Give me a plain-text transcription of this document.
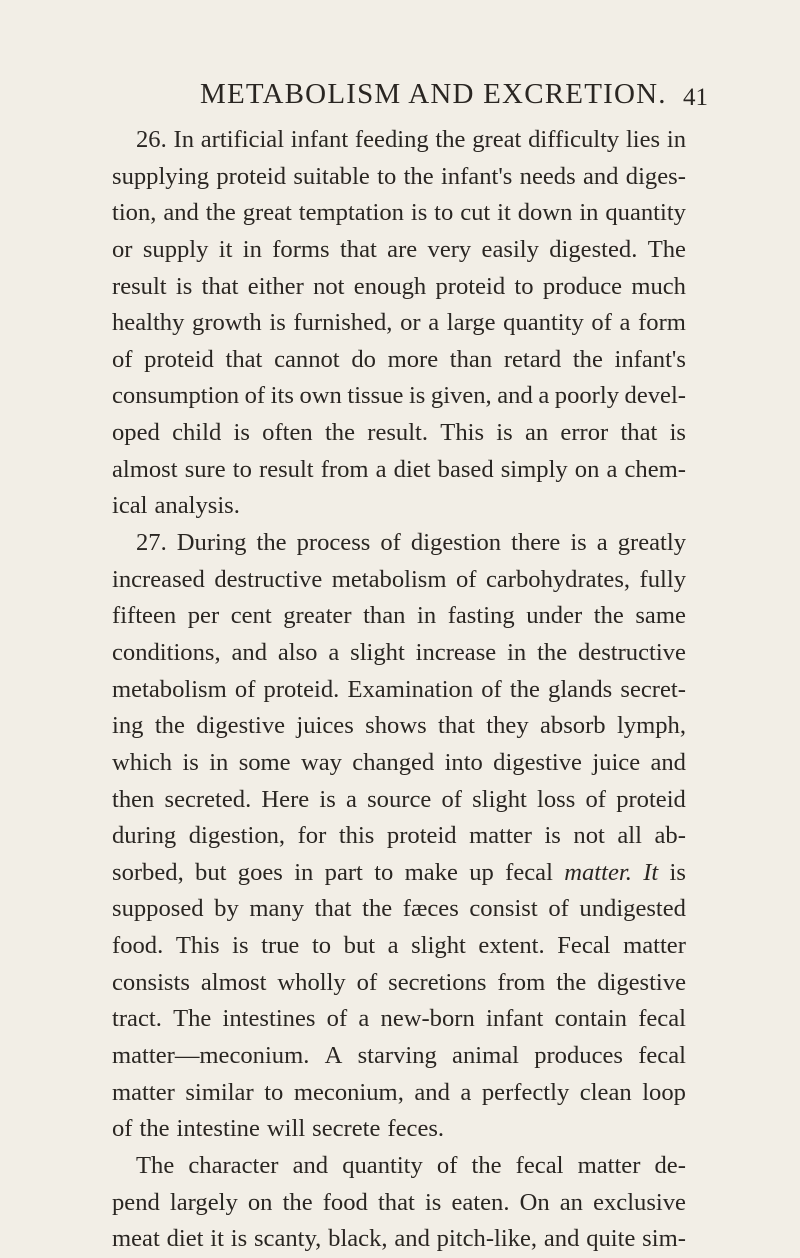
METABOLISM AND EXCRETION. 41
26. In artificial infant feeding the great difficulty lies in
supplying proteid suitable to the infant's needs and diges-
tion, and the great temptation is to cut it down in quantity
or supply it in forms that are very easily digested. The
result is that either not enough proteid to produce much
healthy growth is furnished, or a large quantity of a form
of proteid that cannot do more than retard the infant's
consumption of its own tissue is given, and a poorly devel-
oped child is often the result. This is an error that is
almost sure to result from a diet based simply on a chem-
ical analysis.
27. During the process of digestion there is a greatly
increased destructive metabolism of carbohydrates, fully
fifteen per cent greater than in fasting under the same
conditions, and also a slight increase in the destructive
metabolism of proteid. Examination of the glands secret-
ing the digestive juices shows that they absorb lymph,
which is in some way changed into digestive juice and
then secreted. Here is a source of slight loss of proteid
during digestion, for this proteid matter is not all ab-
sorbed, but goes in part to make up fecal matter. It is
supposed by many that the fæces consist of undigested
food. This is true to but a slight extent. Fecal matter
consists almost wholly of secretions from the digestive
tract. The intestines of a new-born infant contain fecal
matter—meconium. A starving animal produces fecal
matter similar to meconium, and a perfectly clean loop
of the intestine will secrete feces.
The character and quantity of the fecal matter de-
pend largely on the food that is eaten. On an exclusive
meat diet it is scanty, black, and pitch-like, and quite sim-
